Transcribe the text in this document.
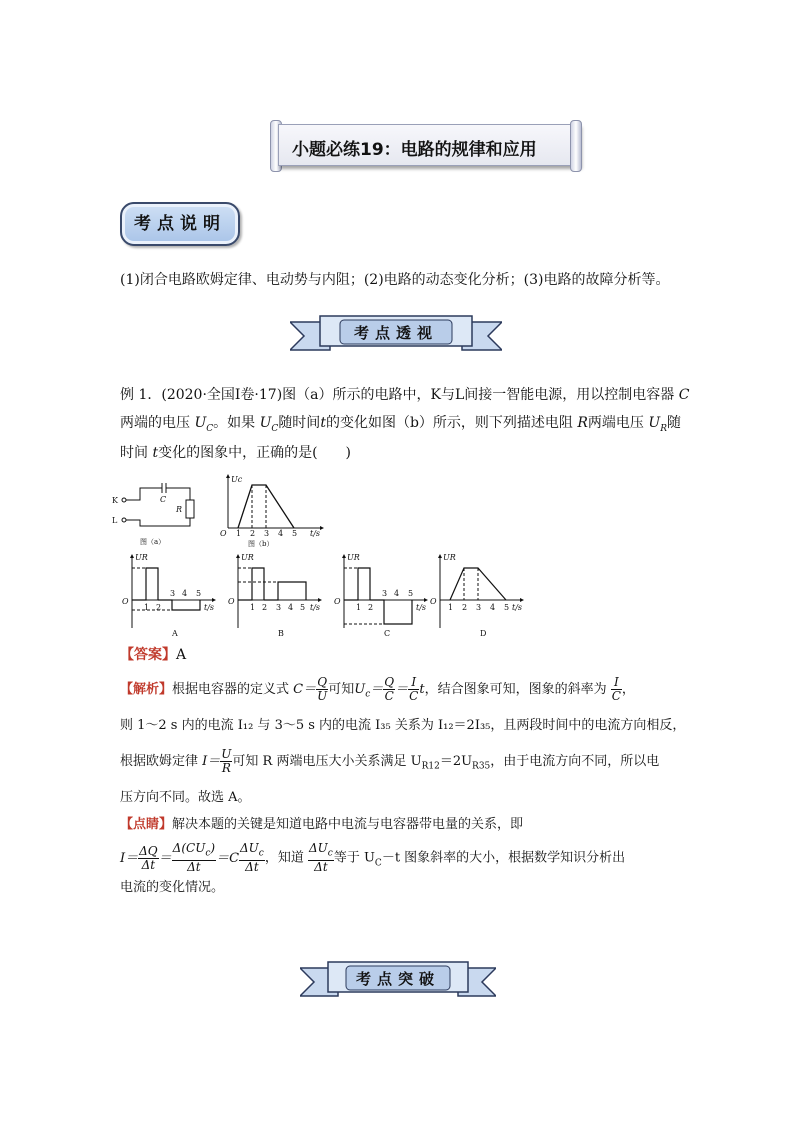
小题必练19：电路的规律和应用
考点说明
(1)闭合电路欧姆定律、电动势与内阻；(2)电路的动态变化分析；(3)电路的故障分析等。
考点透视
例 1．(2020·全国Ⅰ卷·17)图（a）所示的电路中，K与L间接一智能电源，用以控制电容器 C
两端的电压 $U_C$。如果 $U_C$随时间t的变化如图（b）所示，则下列描述电阻 R两端电压 $U_R$随
时间 t变化的图象中，正确的是(　　)
K
L
C
R
图（a）
O
Uc
t/s
1 2 3 4 5
图（b）
O
UR
t/s
1 2
3 4 5
A
O
UR
t/s
1 2 3 4 5
B
O
UR
t/s
1 2
3 4 5
C
O
UR
t/s
1 2 3 4 5
D
【答案】A
【解析】根据电容器的定义式 $C= \frac{Q}{U}$ 可知$U_c= \frac{Q}{C} = \frac{I}{C}$ t，结合图象可知，图象的斜率为 $\frac{I}{C}$ ，
则 1～2 s 内的电流 I₁₂ 与 3～5 s 内的电流 I₃₅ 关系为 I₁₂＝2I₃₅，且两段时间中的电流方向相反，
根据欧姆定律 $I= \frac{U}{R}$ 可知 R 两端电压大小关系满足 $U_{R12}=2U_{R35}$，由于电流方向不同，所以电
压方向不同。故选 A。
【点睛】解决本题的关键是知道电路中电流与电容器带电量的关系，即
$I= \frac{\Delta Q}{\Delta t} = \frac{\Delta(CU_c)}{\Delta t} =C \frac{\Delta U_c}{\Delta t}$ ，知道 $\frac{\Delta U_c}{\Delta t}$ 等于 $U_C-t$ 图象斜率的大小，根据数学知识分析出
电流的变化情况。
考点突破
